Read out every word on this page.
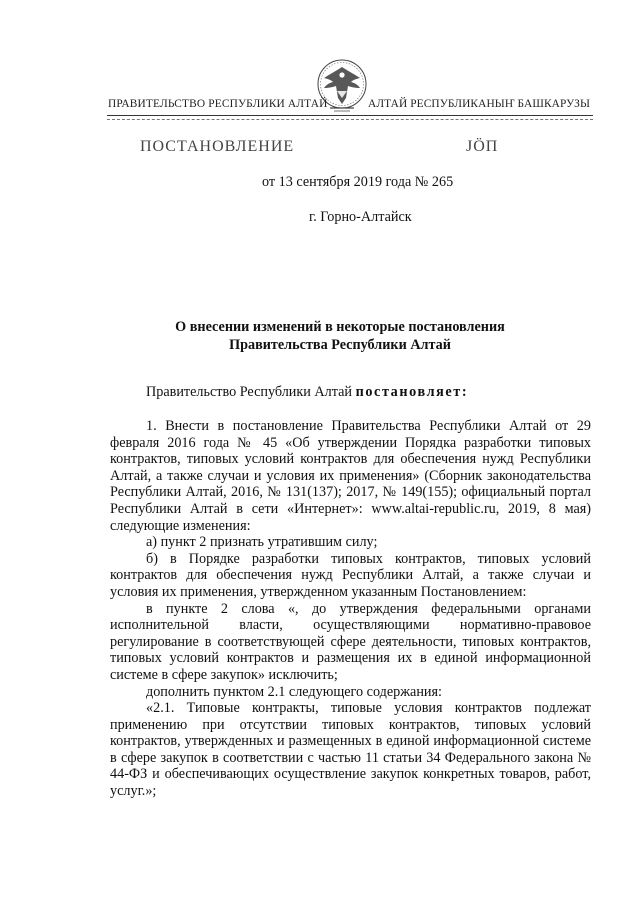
ПРАВИТЕЛЬСТВО РЕСПУБЛИКИ АЛТАЙ	АЛТАЙ РЕСПУБЛИКАНЫҤ БАШКАРУЗЫ
ПОСТАНОВЛЕНИЕ	ЈӦП
от 13 сентября 2019 года № 265
г. Горно-Алтайск
О внесении изменений в некоторые постановления
Правительства Республики Алтай
Правительство Республики Алтай постановляет:

1. Внести в постановление Правительства Республики Алтай от 29 февраля 2016 года № 45 «Об утверждении Порядка разработки типовых контрактов, типовых условий контрактов для обеспечения нужд Республики Алтай, а также случаи и условия их применения» (Сборник законодательства Республики Алтай, 2016, № 131(137); 2017, № 149(155); официальный портал Республики Алтай в сети «Интернет»: www.altai-republic.ru, 2019, 8 мая) следующие изменения:

а) пункт 2 признать утратившим силу;

б) в Порядке разработки типовых контрактов, типовых условий контрактов для обеспечения нужд Республики Алтай, а также случаи и условия их применения, утвержденном указанным Постановлением:

в пункте 2 слова «, до утверждения федеральными органами исполнительной власти, осуществляющими нормативно-правовое регулирование в соответствующей сфере деятельности, типовых контрактов, типовых условий контрактов и размещения их в единой информационной системе в сфере закупок» исключить;

дополнить пунктом 2.1 следующего содержания:

«2.1. Типовые контракты, типовые условия контрактов подлежат применению при отсутствии типовых контрактов, типовых условий контрактов, утвержденных и размещенных в единой информационной системе в сфере закупок в соответствии с частью 11 статьи 34 Федерального закона № 44-ФЗ и обеспечивающих осуществление закупок конкретных товаров, работ, услуг.»;
